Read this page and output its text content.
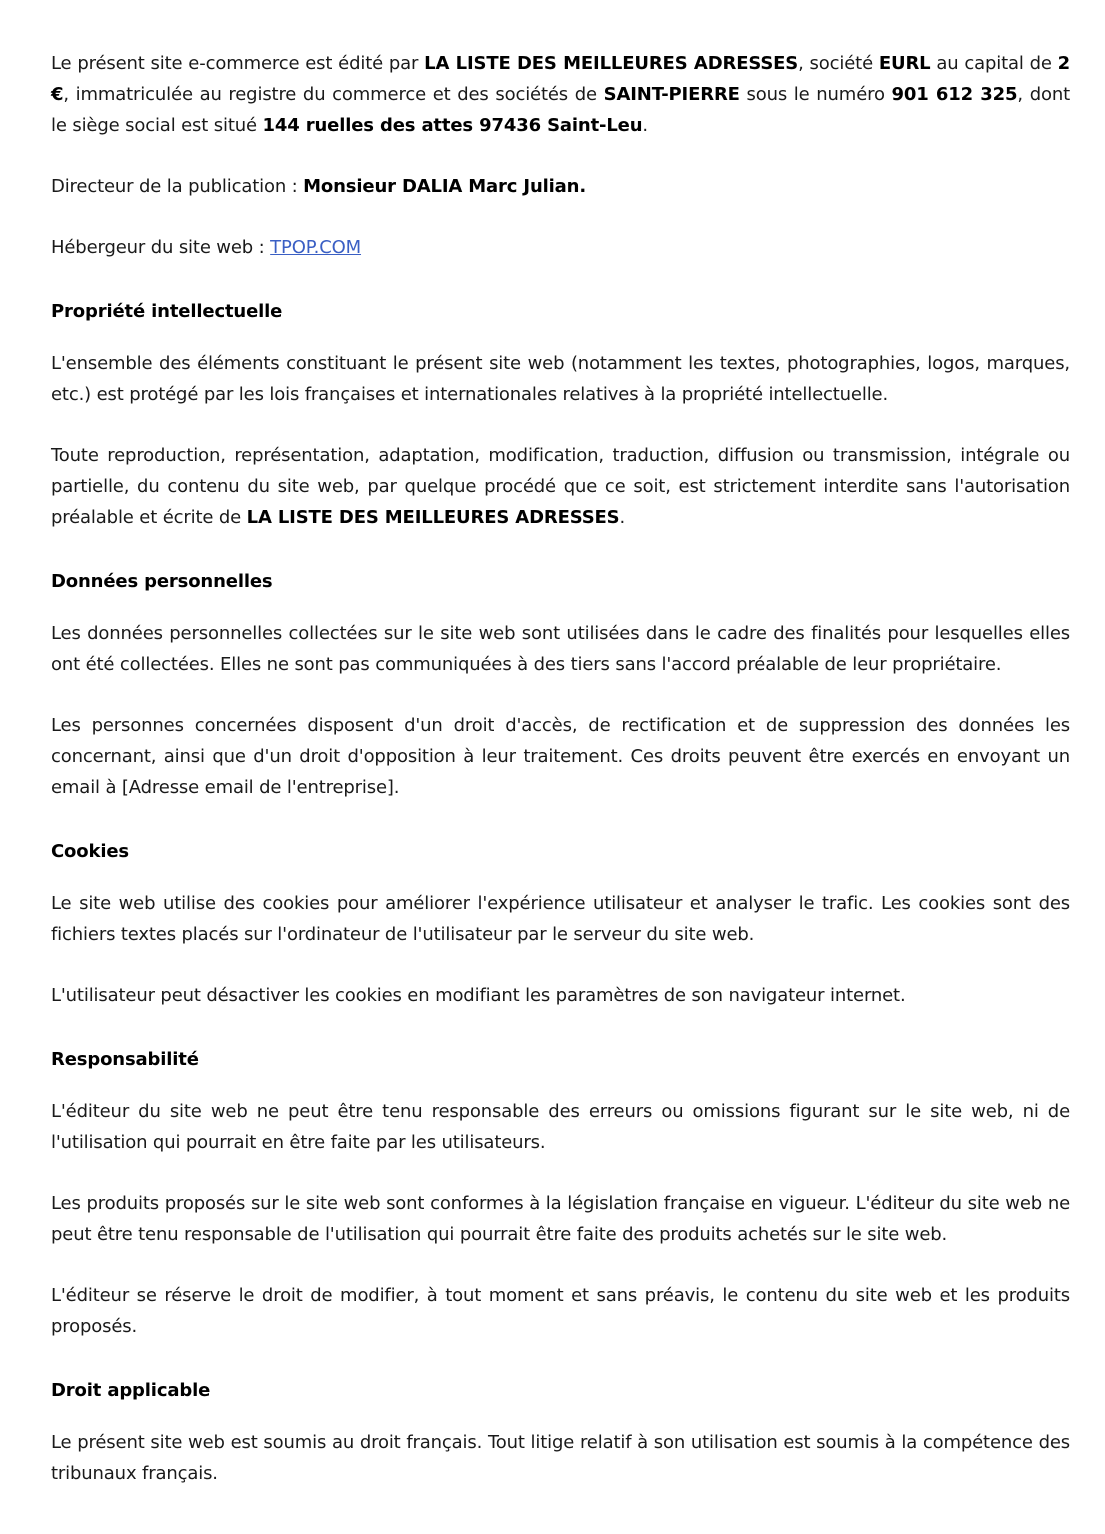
Le présent site e-commerce est édité par LA LISTE DES MEILLEURES ADRESSES, société EURL au capital de 2 €, immatriculée au registre du commerce et des sociétés de SAINT-PIERRE sous le numéro 901 612 325, dont le siège social est situé 144 ruelles des attes 97436 Saint-Leu.

Directeur de la publication : Monsieur DALIA Marc Julian.

Hébergeur du site web : TPOP.COM

Propriété intellectuelle

L'ensemble des éléments constituant le présent site web (notamment les textes, photographies, logos, marques, etc.) est protégé par les lois françaises et internationales relatives à la propriété intellectuelle.

Toute reproduction, représentation, adaptation, modification, traduction, diffusion ou transmission, intégrale ou partielle, du contenu du site web, par quelque procédé que ce soit, est strictement interdite sans l'autorisation préalable et écrite de LA LISTE DES MEILLEURES ADRESSES.

Données personnelles

Les données personnelles collectées sur le site web sont utilisées dans le cadre des finalités pour lesquelles elles ont été collectées. Elles ne sont pas communiquées à des tiers sans l'accord préalable de leur propriétaire.

Les personnes concernées disposent d'un droit d'accès, de rectification et de suppression des données les concernant, ainsi que d'un droit d'opposition à leur traitement. Ces droits peuvent être exercés en envoyant un email à [Adresse email de l'entreprise].

Cookies

Le site web utilise des cookies pour améliorer l'expérience utilisateur et analyser le trafic. Les cookies sont des fichiers textes placés sur l'ordinateur de l'utilisateur par le serveur du site web.

L'utilisateur peut désactiver les cookies en modifiant les paramètres de son navigateur internet.

Responsabilité

L'éditeur du site web ne peut être tenu responsable des erreurs ou omissions figurant sur le site web, ni de l'utilisation qui pourrait en être faite par les utilisateurs.

Les produits proposés sur le site web sont conformes à la législation française en vigueur. L'éditeur du site web ne peut être tenu responsable de l'utilisation qui pourrait être faite des produits achetés sur le site web.

L'éditeur se réserve le droit de modifier, à tout moment et sans préavis, le contenu du site web et les produits proposés.

Droit applicable

Le présent site web est soumis au droit français. Tout litige relatif à son utilisation est soumis à la compétence des tribunaux français.
